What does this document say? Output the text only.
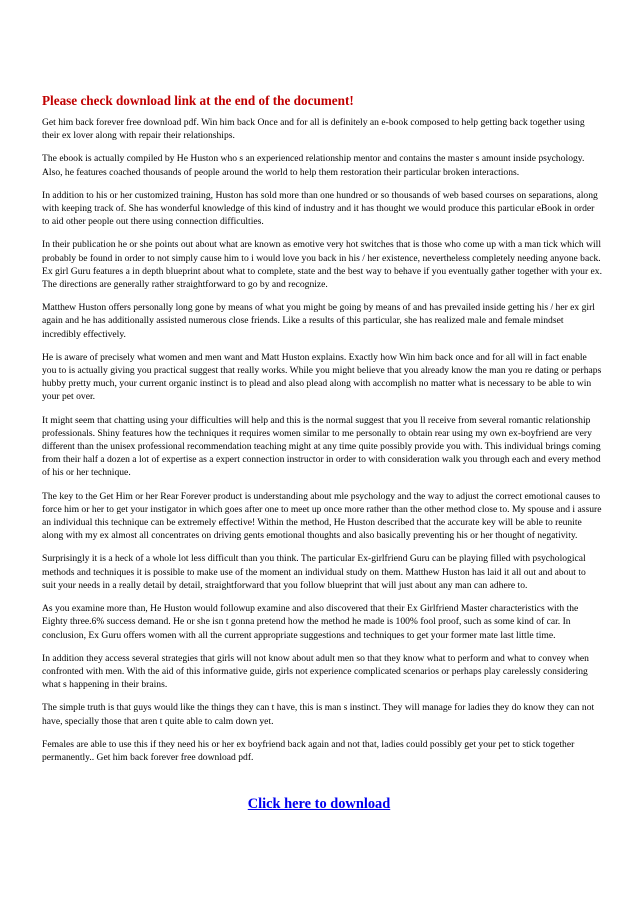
Please check download link at the end of the document!

Get him back forever free download pdf. Win him back Once and for all is definitely an e-book composed to help getting back together using their ex lover along with repair their relationships.

The ebook is actually compiled by He Huston who s an experienced relationship mentor and contains the master s amount inside psychology. Also, he features coached thousands of people around the world to help them restoration their particular broken interactions.

In addition to his or her customized training, Huston has sold more than one hundred or so thousands of web based courses on separations, along with keeping track of. She has wonderful knowledge of this kind of industry and it has thought we would produce this particular eBook in order to aid other people out there using connection difficulties.

In their publication he or she points out about what are known as emotive very hot switches that is those who come up with a man tick which will probably be found in order to not simply cause him to i would love you back in his / her existence, nevertheless completely needing anyone back. Ex girl Guru features a in depth blueprint about what to complete, state and the best way to behave if you eventually gather together with your ex. The directions are generally rather straightforward to go by and recognize.

Matthew Huston offers personally long gone by means of what you might be going by means of and has prevailed inside getting his / her ex girl again and he has additionally assisted numerous close friends. Like a results of this particular, she has realized male and female mindset incredibly effectively.

He is aware of precisely what women and men want and Matt Huston explains. Exactly how Win him back once and for all will in fact enable you to is actually giving you practical suggest that really works. While you might believe that you already know the man you re dating or perhaps hubby pretty much, your current organic instinct is to plead and also plead along with accomplish no matter what is necessary to be able to win your pet over.

It might seem that chatting using your difficulties will help and this is the normal suggest that you ll receive from several romantic relationship professionals. Shiny features how the techniques it requires women similar to me personally to obtain rear using my own ex-boyfriend are very different than the unisex professional recommendation teaching might at any time quite possibly provide you with. This individual brings coming from their half a dozen a lot of expertise as a expert connection instructor in order to with consideration walk you through each and every method of his or her technique.

The key to the Get Him or her Rear Forever product is understanding about mle psychology and the way to adjust the correct emotional causes to force him or her to get your instigator in which goes after one to meet up once more rather than the other method close to. My spouse and i assure an individual this technique can be extremely effective! Within the method, He Huston described that the accurate key will be able to reunite along with my ex almost all concentrates on driving gents emotional thoughts and also basically preventing his or her thought of negativity.

Surprisingly it is a heck of a whole lot less difficult than you think. The particular Ex-girlfriend Guru can be playing filled with psychological methods and techniques it is possible to make use of the moment an individual study on them. Matthew Huston has laid it all out and about to suit your needs in a really detail by detail, straightforward that you follow blueprint that will just about any man can adhere to.

As you examine more than, He Huston would followup examine and also discovered that their Ex Girlfriend Master characteristics with the Eighty three.6% success demand. He or she isn t gonna pretend how the method he made is 100% fool proof, such as some kind of car. In conclusion, Ex Guru offers women with all the current appropriate suggestions and techniques to get your former mate last little time.

In addition they access several strategies that girls will not know about adult men so that they know what to perform and what to convey when confronted with men. With the aid of this informative guide, girls not experience complicated scenarios or perhaps play carelessly considering what s happening in their brains.

The simple truth is that guys would like the things they can t have, this is man s instinct. They will manage for ladies they do know they can not have, specially those that aren t quite able to calm down yet.

Females are able to use this if they need his or her ex boyfriend back again and not that, ladies could possibly get your pet to stick together permanently.. Get him back forever free download pdf.

Click here to download
